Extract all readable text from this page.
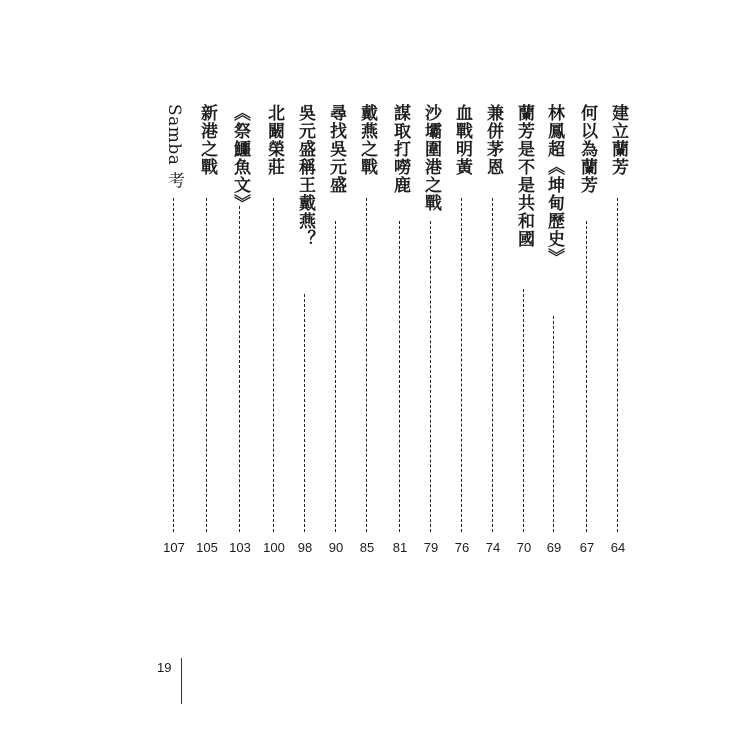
建立蘭芳
64
何以為蘭芳
67
林鳳超《坤甸歷史》
69
蘭芳是不是共和國
70
兼併茅恩
74
血戰明黃
76
沙壩圍港之戰
79
謀取打嘮鹿
81
戴燕之戰
85
尋找吳元盛
90
吳元盛稱王戴燕？
98
北闞榮莊
100
《祭鱷魚文》
103
新港之戰
105
Samba 考
107
19
